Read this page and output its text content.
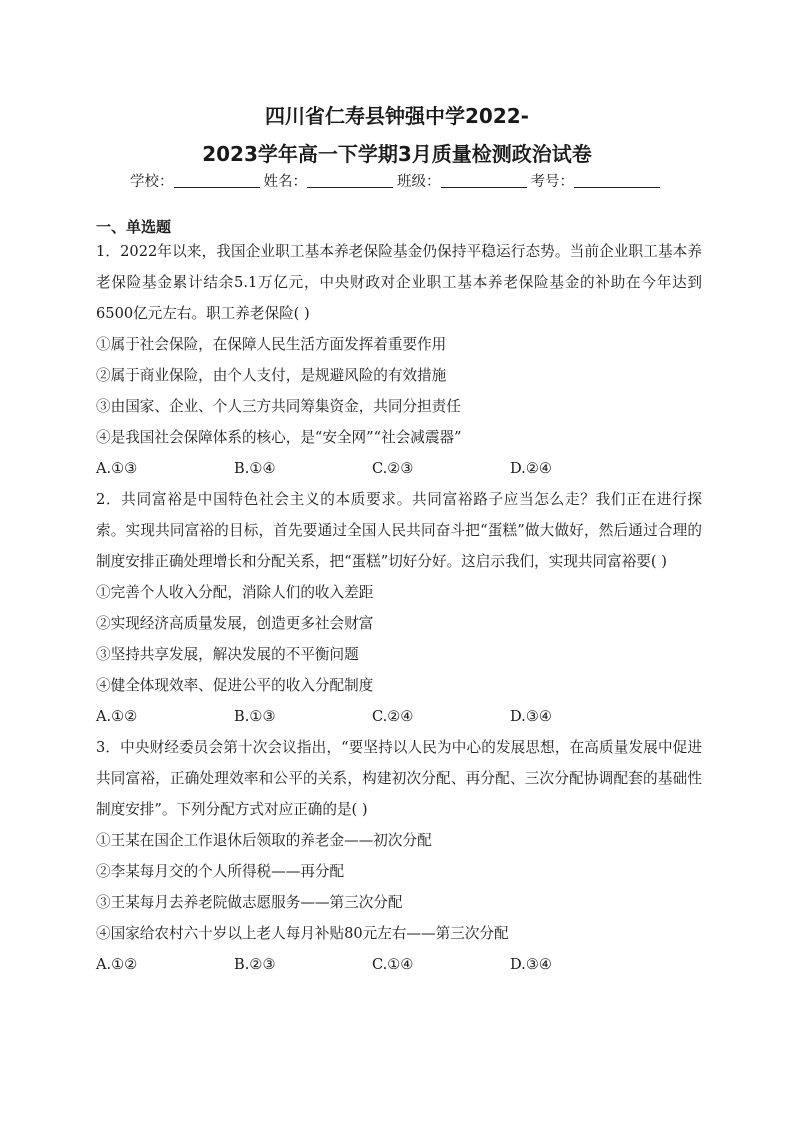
四川省仁寿县钟强中学2022-
2023学年高一下学期3月质量检测政治试卷
学校：	姓名：	班级：	考号：
一、单选题

1．2022年以来，我国企业职工基本养老保险基金仍保持平稳运行态势。当前企业职工基本养老保险基金累计结余5.1万亿元，中央财政对企业职工基本养老保险基金的补助在今年达到6500亿元左右。职工养老保险( )

①属于社会保险，在保障人民生活方面发挥着重要作用

②属于商业保险，由个人支付，是规避风险的有效措施

③由国家、企业、个人三方共同筹集资金，共同分担责任

④是我国社会保障体系的核心，是“安全网”“社会减震器”

A.①③	B.①④	C.②③	D.②④

2．共同富裕是中国特色社会主义的本质要求。共同富裕路子应当怎么走？我们正在进行探索。实现共同富裕的目标，首先要通过全国人民共同奋斗把“蛋糕”做大做好，然后通过合理的制度安排正确处理增长和分配关系，把“蛋糕”切好分好。这启示我们，实现共同富裕要( )

①完善个人收入分配，消除人们的收入差距

②实现经济高质量发展，创造更多社会财富

③坚持共享发展，解决发展的不平衡问题

④健全体现效率、促进公平的收入分配制度

A.①②	B.①③	C.②④	D.③④

3．中央财经委员会第十次会议指出，“要坚持以人民为中心的发展思想，在高质量发展中促进共同富裕，正确处理效率和公平的关系，构建初次分配、再分配、三次分配协调配套的基础性制度安排”。下列分配方式对应正确的是( )

①王某在国企工作退休后领取的养老金——初次分配

②李某每月交的个人所得税——再分配

③王某每月去养老院做志愿服务——第三次分配

④国家给农村六十岁以上老人每月补贴80元左右——第三次分配

A.①②	B.②③	C.①④	D.③④
